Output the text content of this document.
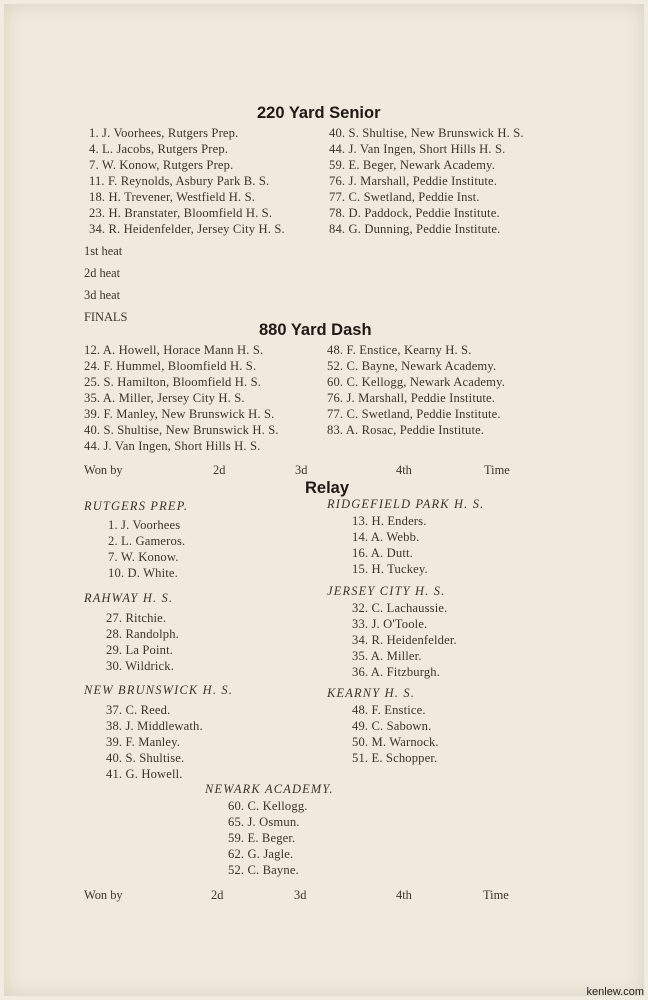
220 Yard Senior
1. J. Voorhees, Rutgers Prep.
4. L. Jacobs, Rutgers Prep.
7. W. Konow, Rutgers Prep.
11. F. Reynolds, Asbury Park B. S.
18. H. Trevener, Westfield H. S.
23. H. Branstater, Bloomfield H. S.
34. R. Heidenfelder, Jersey City H. S.
40. S. Shultise, New Brunswick H. S.
44. J. Van Ingen, Short Hills H. S.
59. E. Beger, Newark Academy.
76. J. Marshall, Peddie Institute.
77. C. Swetland, Peddie Inst.
78. D. Paddock, Peddie Institute.
84. G. Dunning, Peddie Institute.
1st heat
2d heat
3d heat
FINALS
880 Yard Dash
12. A. Howell, Horace Mann H. S.
24. F. Hummel, Bloomfield H. S.
25. S. Hamilton, Bloomfield H. S.
35. A. Miller, Jersey City H. S.
39. F. Manley, New Brunswick H. S.
40. S. Shultise, New Brunswick H. S.
44. J. Van Ingen, Short Hills H. S.
48. F. Enstice, Kearny H. S.
52. C. Bayne, Newark Academy.
60. C. Kellogg, Newark Academy.
76. J. Marshall, Peddie Institute.
77. C. Swetland, Peddie Institute.
83. A. Rosac, Peddie Institute.
Won by	2d	3d	4th	Time
Relay
RUTGERS PREP.
1. J. Voorhees
2. L. Gameros.
7. W. Konow.
10. D. White.
RAHWAY H. S.
27. Ritchie.
28. Randolph.
29. La Point.
30. Wildrick.
NEW BRUNSWICK H. S.
37. C. Reed.
38. J. Middlewath.
39. F. Manley.
40. S. Shultise.
41. G. Howell.
RIDGEFIELD PARK H. S.
13. H. Enders.
14. A. Webb.
16. A. Dutt.
15. H. Tuckey.
JERSEY CITY H. S.
32. C. Lachaussie.
33. J. O'Toole.
34. R. Heidenfelder.
35. A. Miller.
36. A. Fitzburgh.
KEARNY H. S.
48. F. Enstice.
49. C. Sabown.
50. M. Warnock.
51. E. Schopper.
NEWARK ACADEMY.
60. C. Kellogg.
65. J. Osmun.
59. E. Beger.
62. G. Jagle.
52. C. Bayne.
Won by	2d	3d	4th	Time
kenlew.com
